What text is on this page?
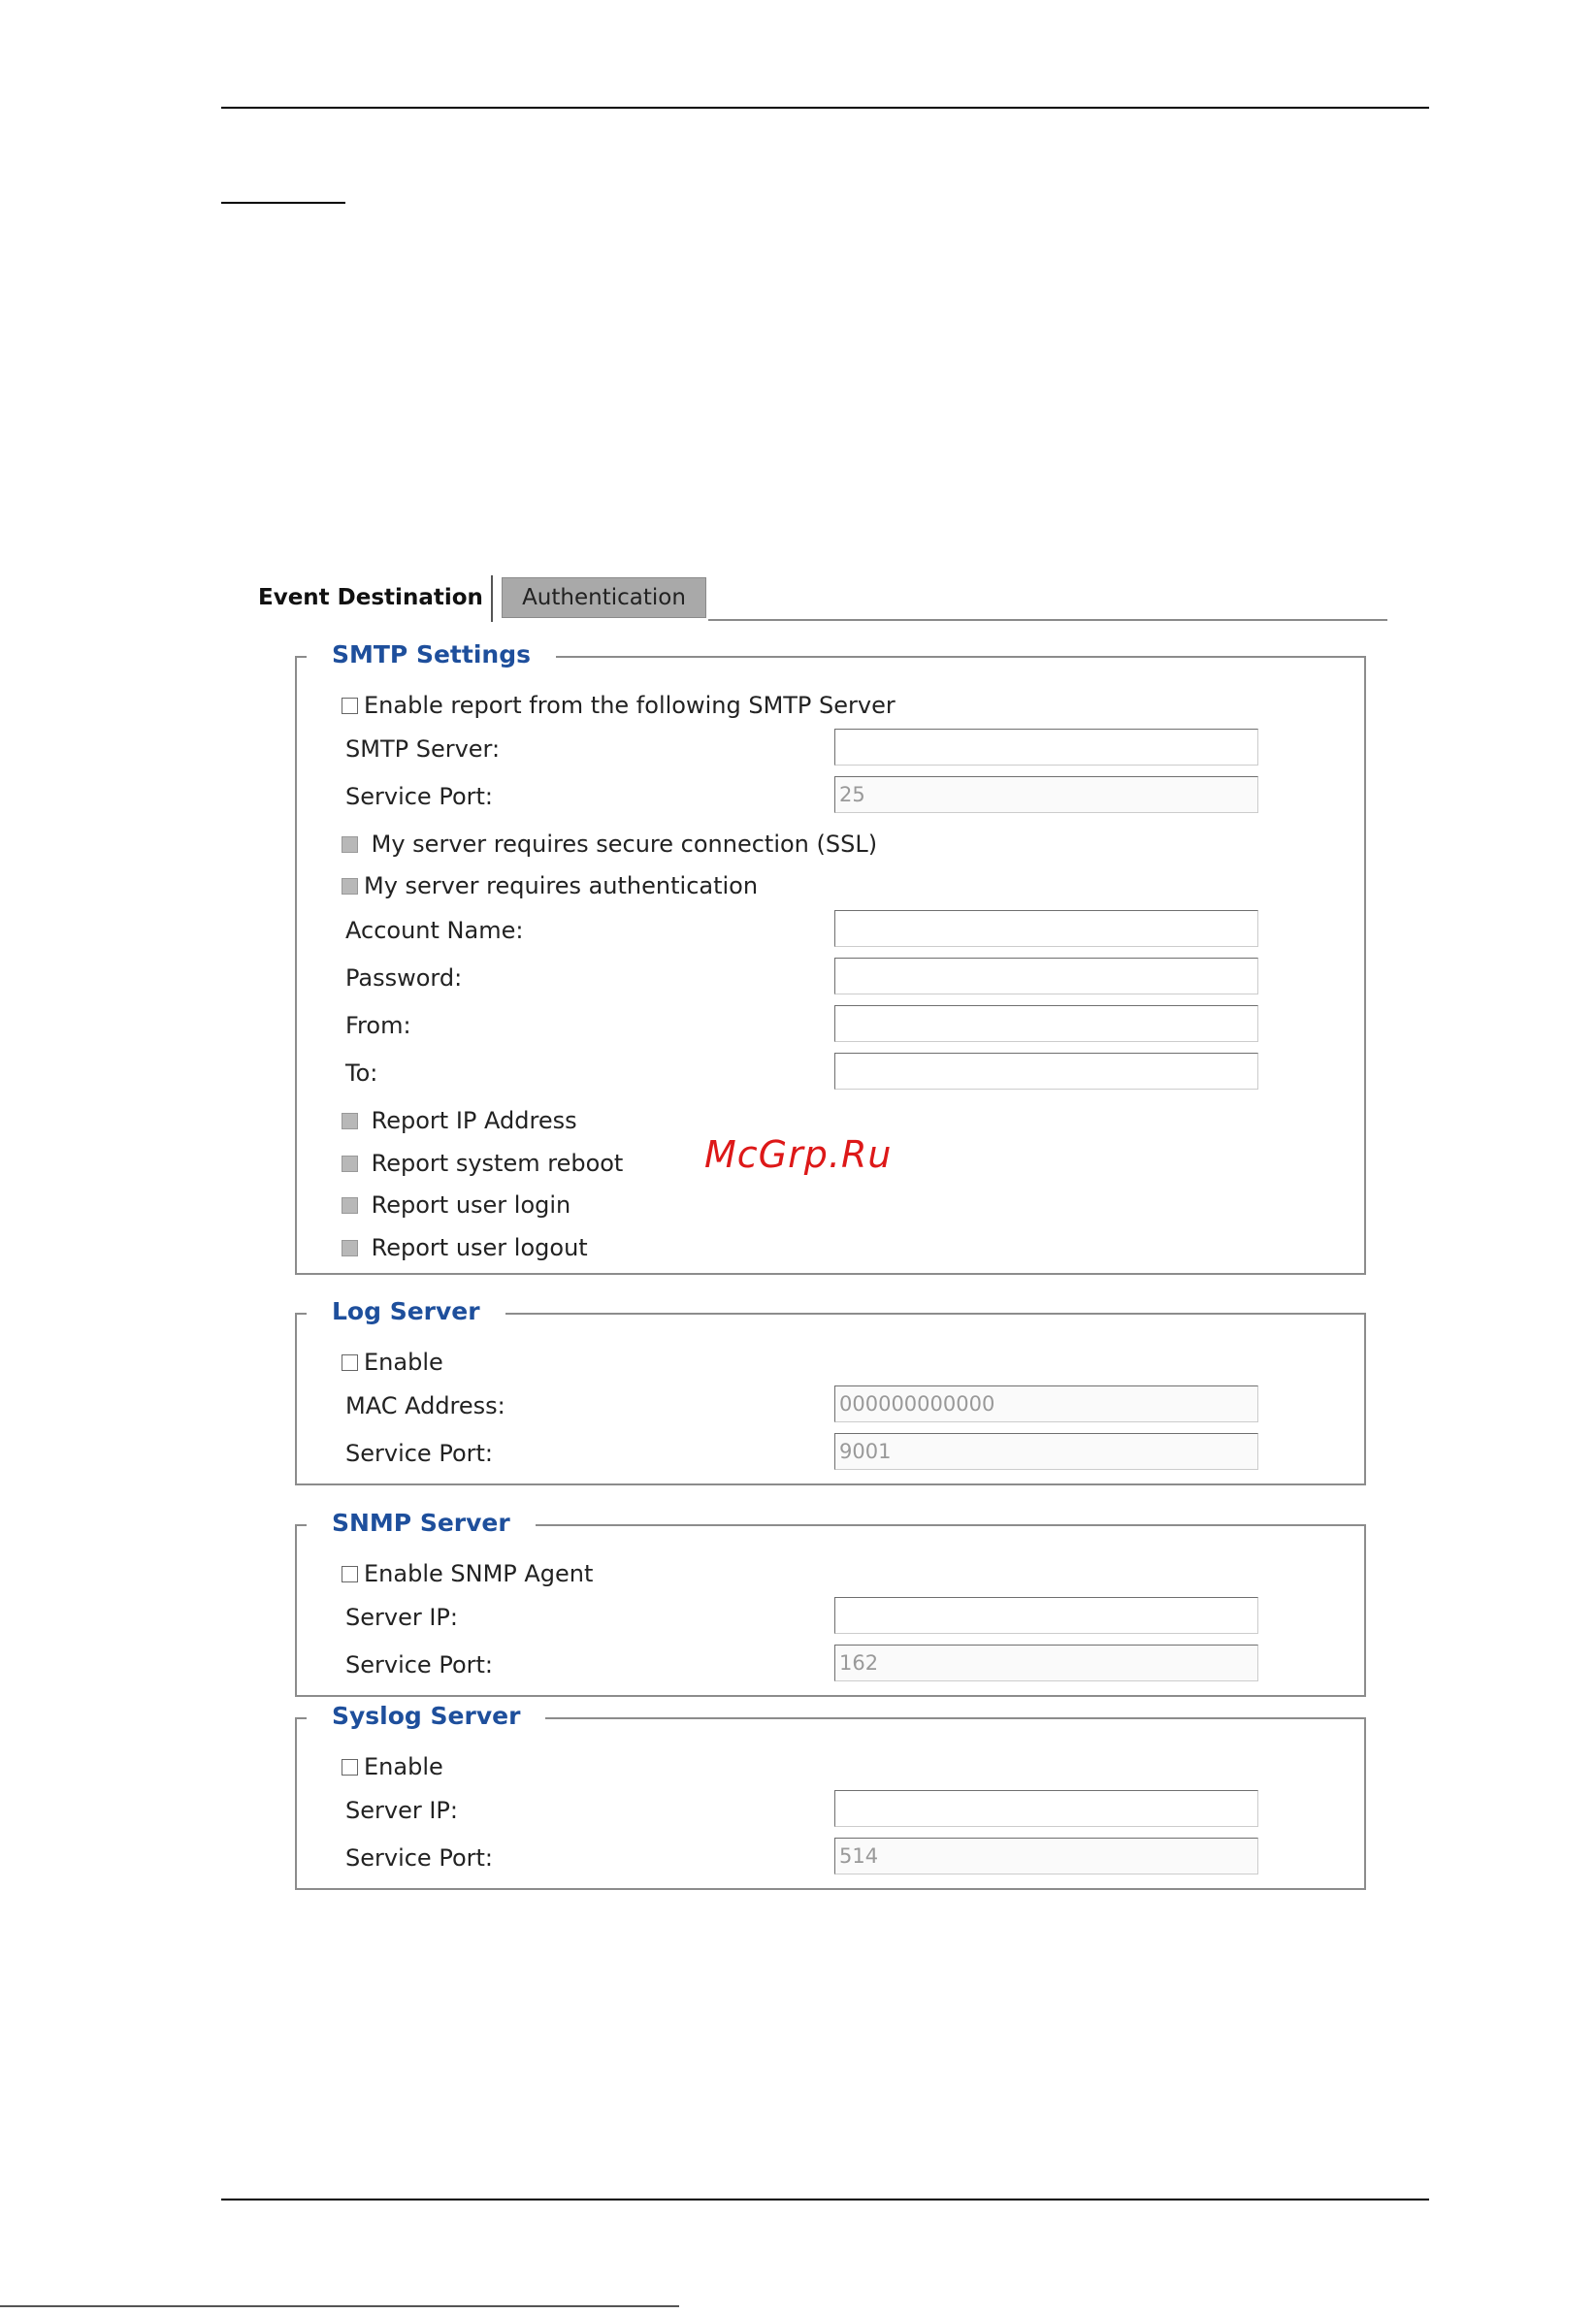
Event Destination	Authentication
SMTP Settings
Enable report from the following SMTP Server
SMTP Server:
Service Port:	25
My server requires secure connection (SSL)
My server requires authentication
Account Name:
Password:
From:
To:
Report IP Address
Report system reboot
Report user login
Report user logout
McGrp.Ru
Log Server
Enable
MAC Address:	000000000000
Service Port:	9001
SNMP Server
Enable SNMP Agent
Server IP:
Service Port:	162
Syslog Server
Enable
Server IP:
Service Port:	514
